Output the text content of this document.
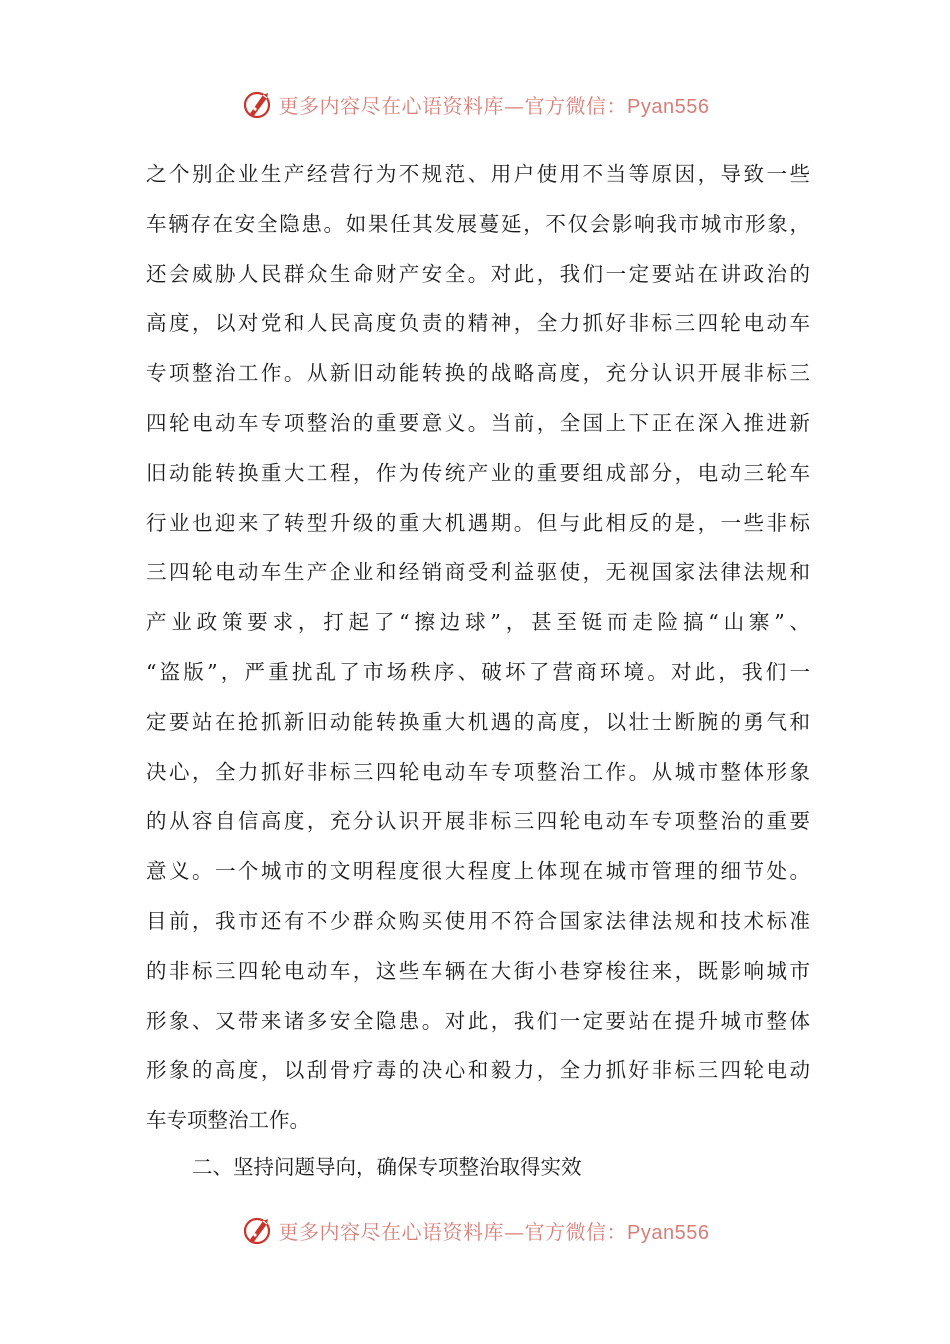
更多内容尽在心语资料库—官方微信：Pyan556
之个别企业生产经营行为不规范、用户使用不当等原因，导致一些
车辆存在安全隐患。如果任其发展蔓延，不仅会影响我市城市形象，
还会威胁人民群众生命财产安全。对此，我们一定要站在讲政治的
高度，以对党和人民高度负责的精神，全力抓好非标三四轮电动车
专项整治工作。从新旧动能转换的战略高度，充分认识开展非标三
四轮电动车专项整治的重要意义。当前，全国上下正在深入推进新
旧动能转换重大工程，作为传统产业的重要组成部分，电动三轮车
行业也迎来了转型升级的重大机遇期。但与此相反的是，一些非标
三四轮电动车生产企业和经销商受利益驱使，无视国家法律法规和
产业政策要求，打起了“擦边球”，甚至铤而走险搞“山寨”、
“盗版”，严重扰乱了市场秩序、破坏了营商环境。对此，我们一
定要站在抢抓新旧动能转换重大机遇的高度，以壮士断腕的勇气和
决心，全力抓好非标三四轮电动车专项整治工作。从城市整体形象
的从容自信高度，充分认识开展非标三四轮电动车专项整治的重要
意义。一个城市的文明程度很大程度上体现在城市管理的细节处。
目前，我市还有不少群众购买使用不符合国家法律法规和技术标准
的非标三四轮电动车，这些车辆在大街小巷穿梭往来，既影响城市
形象、又带来诸多安全隐患。对此，我们一定要站在提升城市整体
形象的高度，以刮骨疗毒的决心和毅力，全力抓好非标三四轮电动
车专项整治工作。
二、坚持问题导向，确保专项整治取得实效
更多内容尽在心语资料库—官方微信：Pyan556
